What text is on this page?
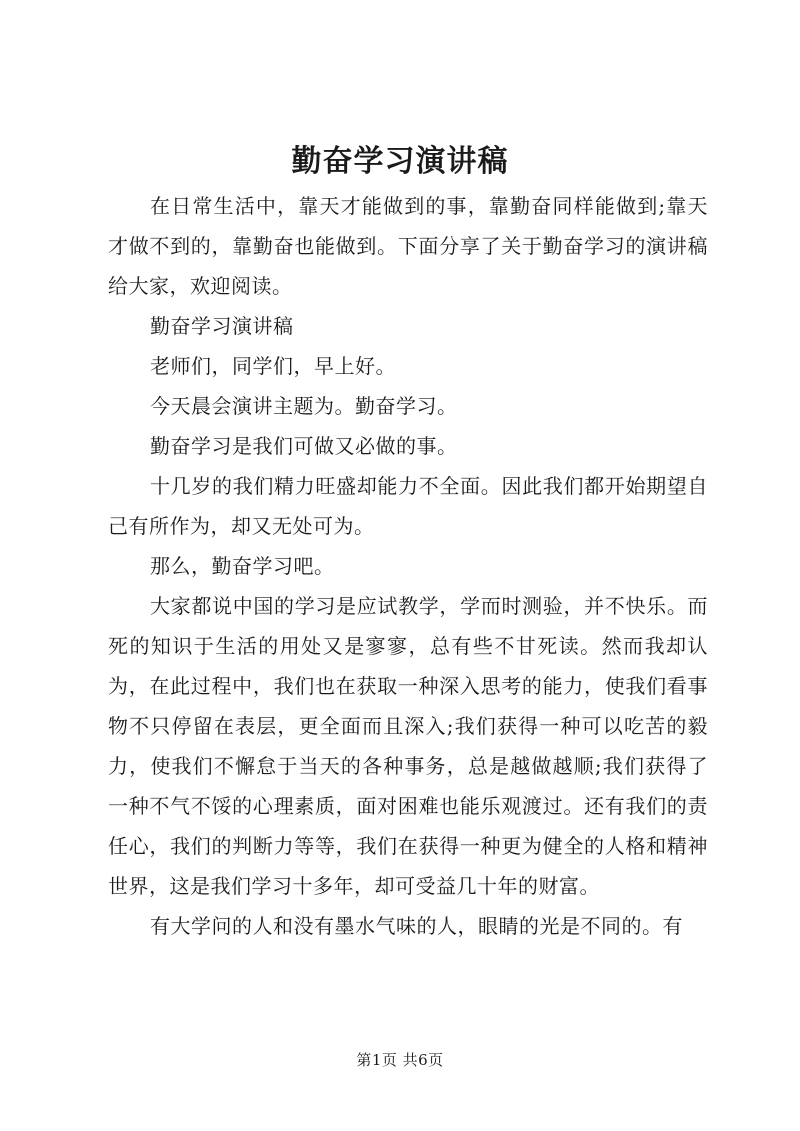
勤奋学习演讲稿

在日常生活中，靠天才能做到的事，靠勤奋同样能做到;靠天才做不到的，靠勤奋也能做到。下面分享了关于勤奋学习的演讲稿给大家，欢迎阅读。

勤奋学习演讲稿

老师们，同学们，早上好。

今天晨会演讲主题为。勤奋学习。

勤奋学习是我们可做又必做的事。

十几岁的我们精力旺盛却能力不全面。因此我们都开始期望自己有所作为，却又无处可为。

那么，勤奋学习吧。

大家都说中国的学习是应试教学，学而时测验，并不快乐。而死的知识于生活的用处又是寥寥，总有些不甘死读。然而我却认为，在此过程中，我们也在获取一种深入思考的能力，使我们看事物不只停留在表层，更全面而且深入;我们获得一种可以吃苦的毅力，使我们不懈怠于当天的各种事务，总是越做越顺;我们获得了一种不气不馁的心理素质，面对困难也能乐观渡过。还有我们的责任心，我们的判断力等等，我们在获得一种更为健全的人格和精神世界，这是我们学习十多年，却可受益几十年的财富。

有大学问的人和没有墨水气味的人，眼睛的光是不同的。有

第1页 共6页
